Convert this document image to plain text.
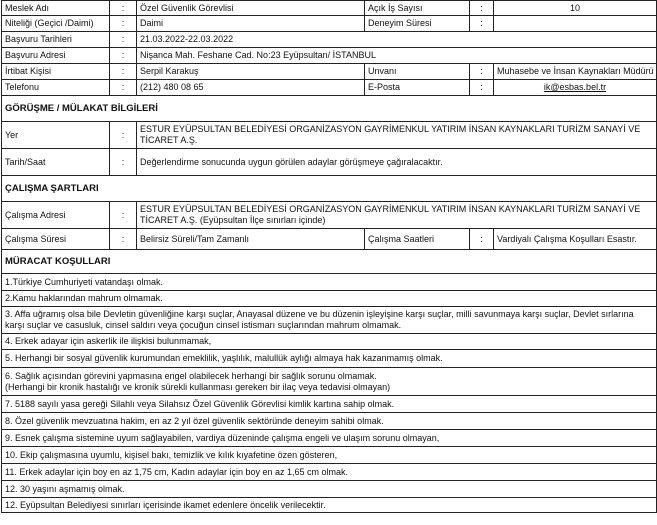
Meslek Adı	:	Özel Güvenlik Görevlisi	Açık İş Sayısı	:	10
Niteliği (Geçici /Daimi)	:	Daimi	Deneyim Süresi	:	
Başvuru Tarihleri	:	21.03.2022-22.03.2022			
Başvuru Adresi	:	Nişanca Mah. Feshane Cad. No:23 Eyüpsultan/ İSTANBUL			
İrtibat Kişisi	:	Serpil Karakuş	Unvanı	:	Muhasebe ve İnsan Kaynakları Müdürü
Telefonu	:	(212) 480 08 65	E-Posta	:	ik@esbas.bel.tr
GÖRÜŞME / MÜLAKAT BİLGİLERİ					
Yer	:	ESTUR EYÜPSULTAN BELEDİYESİ ORGANİZASYON GAYRİMENKUL YATIRIM İNSAN KAYNAKLARI TURİZM SANAYİ VE TİCARET A.Ş.			
Tarih/Saat	:	Değerlendirme sonucunda uygun görülen adaylar görüşmeye çağıralacaktır.			
ÇALIŞMA ŞARTLARI					
Çalışma Adresi	:	ESTUR EYÜPSULTAN BELEDİYESİ ORGANİZASYON GAYRİMENKUL YATIRIM İNSAN KAYNAKLARI TURİZM SANAYİ VE TİCARET A.Ş. (Eyüpsultan İlçe sınırları içinde)			
Çalışma Süresi	:	Belirsiz Süreli/Tam Zamanlı	Çalışma Saatleri	:	Vardiyalı Çalışma Koşulları Esastır.
MÜRACAT KOŞULLARI					
1.Türkiye Cumhuriyeti vatandaşı olmak.					
2.Kamu haklarından mahrum olmamak.					
3. Affa uğramış olsa bile Devletin güvenliğine karşı suçlar, Anayasal düzene ve bu düzenin işleyişine karşı suçlar, milli savunmaya karşı suçlar, Devlet sırlarına karşı suçlar ve casusluk, cinsel saldırı veya çocuğun cinsel istismarı suçlarından mahrum olmamak.					
4. Erkek adayar için askerlik ile ilişkisi bulunmamak,					
5. Herhangi bir sosyal güvenlik kurumundan emeklilik, yaşlılık, malullük aylığı almaya hak kazanmamış olmak.					

6. Sağlık açısından görevini yapmasına engel olabilecek herhangi bir sağlık sorunu olmamak.
(Herhangi bir kronik hastalığı ve kronik sürekli kullanması gereken bir ilaç veya tedavisi olmayan)					

7. 5188 sayılı yasa gereği Silahlı veya Silahsız Özel Güvenlik Görevlisi kimlik kartına sahip olmak.					
8. Özel güvenlik mevzuatına hakim, en az 2 yıl özel güvenlik sektöründe deneyim sahibi olmak.					
9. Esnek çalışma sistemine uyum sağlayabilen, vardiya düzeninde çalışma engeli ve ulaşım sorunu olmayan,					
10. Ekip çalışmasına uyumlu, kişisel bakı, temizlik ve kılık kıyafetine özen gösteren,					
11. Erkek adaylar için boy en az 1,75 cm, Kadın adaylar için boy en az 1,65 cm olmak.					
12. 30 yaşını aşmamış olmak.					
12. Eyüpsultan Belediyesi sınırları içerisinde ikamet edenlere öncelik verilecektir.					
